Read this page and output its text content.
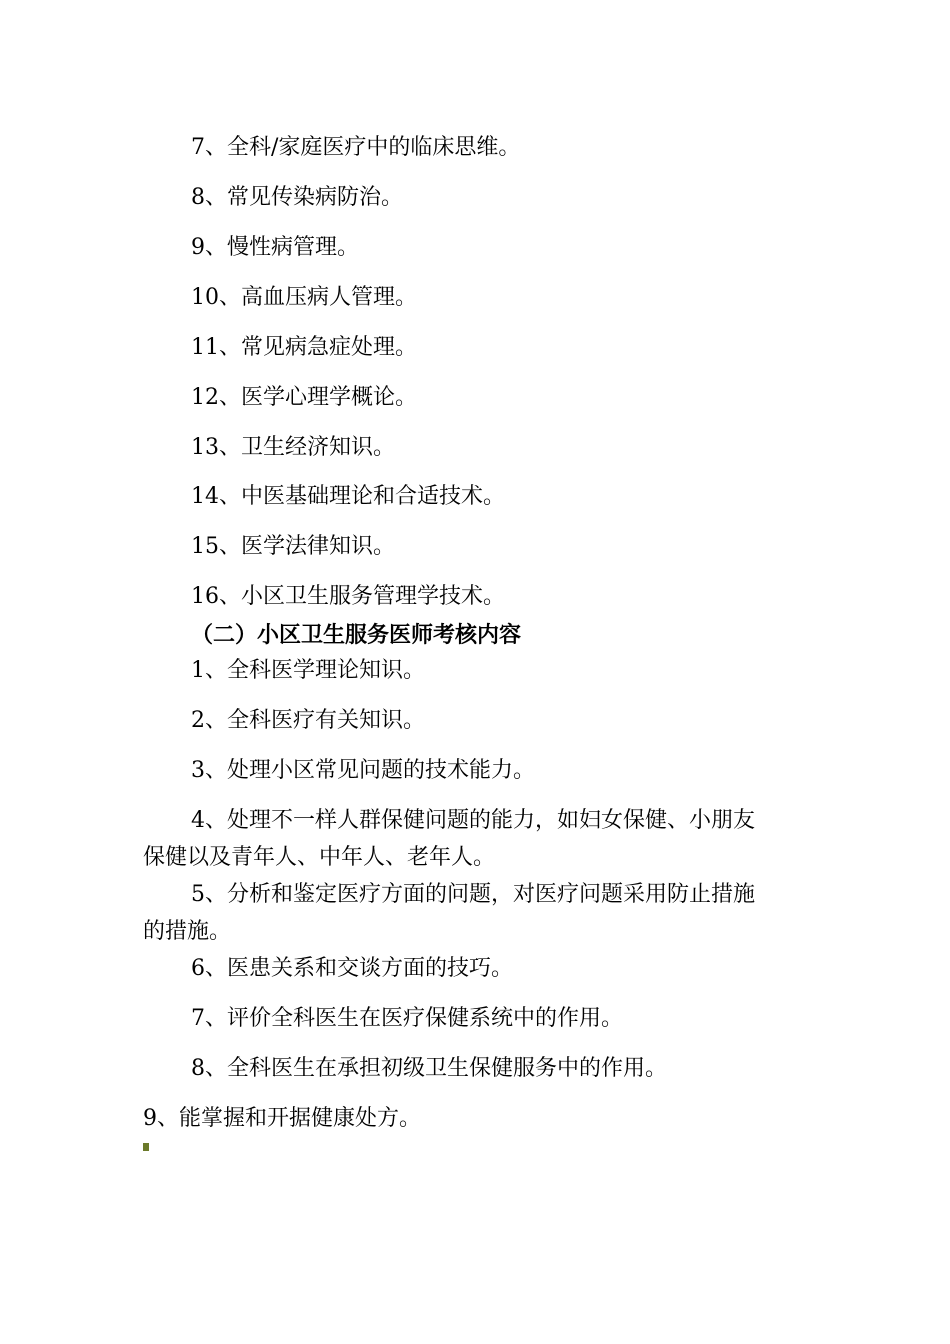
7、全科/家庭医疗中的临床思维。
8、常见传染病防治。
9、慢性病管理。
10、高血压病人管理。
11、常见病急症处理。
12、医学心理学概论。
13、卫生经济知识。
14、中医基础理论和合适技术。
15、医学法律知识。
16、小区卫生服务管理学技术。
（二）小区卫生服务医师考核内容
1、全科医学理论知识。
2、全科医疗有关知识。
3、处理小区常见问题的技术能力。
4、处理不一样人群保健问题的能力，如妇女保健、小朋友
保健以及青年人、中年人、老年人。
5、分析和鉴定医疗方面的问题，对医疗问题采用防止措施
的措施。
6、医患关系和交谈方面的技巧。
7、评价全科医生在医疗保健系统中的作用。
8、全科医生在承担初级卫生保健服务中的作用。
9、能掌握和开据健康处方。
